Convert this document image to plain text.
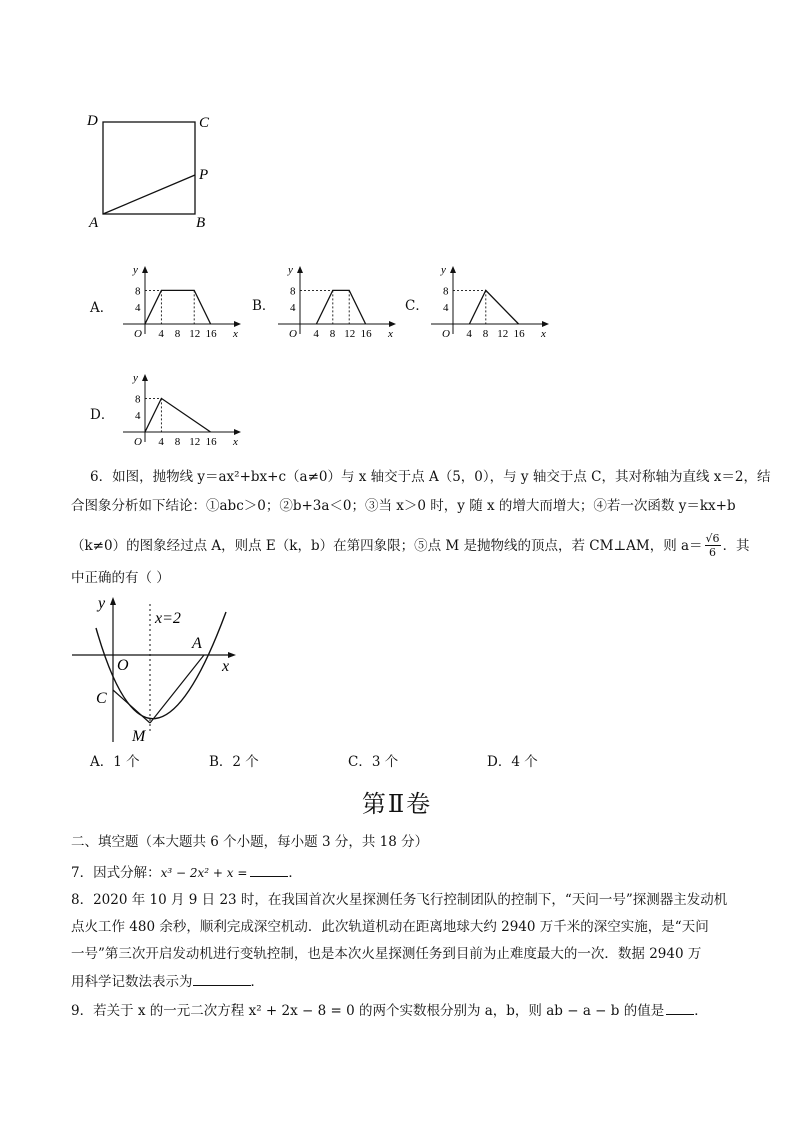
D	C
P
A	B
A．
4 8 12 16
4
8
O	x
y
B．
4 8 12 16
4
8
O	x
y
C．
4 8 12 16
4
8
O	x
y
D．
4 8 12 16
4
8
O	x
y
6．如图，抛物线 y＝ax²+bx+c（a≠0）与 x 轴交于点 A（5，0），与 y 轴交于点 C，其对称轴为直线 x＝2，结
合图象分析如下结论：①abc＞0；②b+3a＜0；③当 x＞0 时，y 随 x 的增大而增大；④若一次函数 y＝kx+b
（k≠0）的图象经过点 A，则点 E（k，b）在第四象限；⑤点 M 是抛物线的顶点，若 CM⊥AM，则 $a= \frac{√6}{6}$ ．其
中正确的有（ ）
y
x=2
A
O	x
C
M
A．1 个	B．2 个	C．3 个	D．4 个
第Ⅱ卷
二、填空题（本大题共 6 个小题，每小题 3 分，共 18 分）
7．因式分解：x³ − 2x² + x =	．
8．2020 年 10 月 9 日 23 时，在我国首次火星探测任务飞行控制团队的控制下，“天问一号”探测器主发动机
点火工作 480 余秒，顺利完成深空机动．此次轨道机动在距离地球大约 2940 万千米的深空实施，是“天问
一号”第三次开启发动机进行变轨控制，也是本次火星探测任务到目前为止难度最大的一次．数据 2940 万
用科学记数法表示为	．
9．若关于 x 的一元二次方程 x² + 2x − 8 = 0 的两个实数根分别为 a，b，则 ab − a − b 的值是 ．
